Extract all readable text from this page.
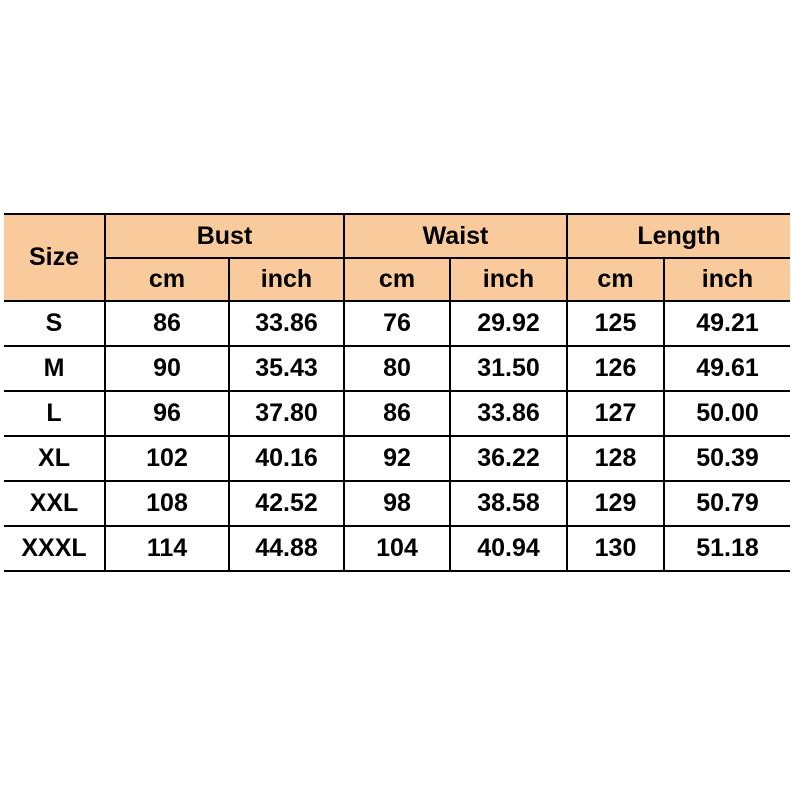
Size	Bust		Waist		Length	
	cm	inch	cm	inch	cm	inch
S	86	33.86	76	29.92	125	49.21
M	90	35.43	80	31.50	126	49.61
L	96	37.80	86	33.86	127	50.00
XL	102	40.16	92	36.22	128	50.39
XXL	108	42.52	98	38.58	129	50.79
XXXL	114	44.88	104	40.94	130	51.18
